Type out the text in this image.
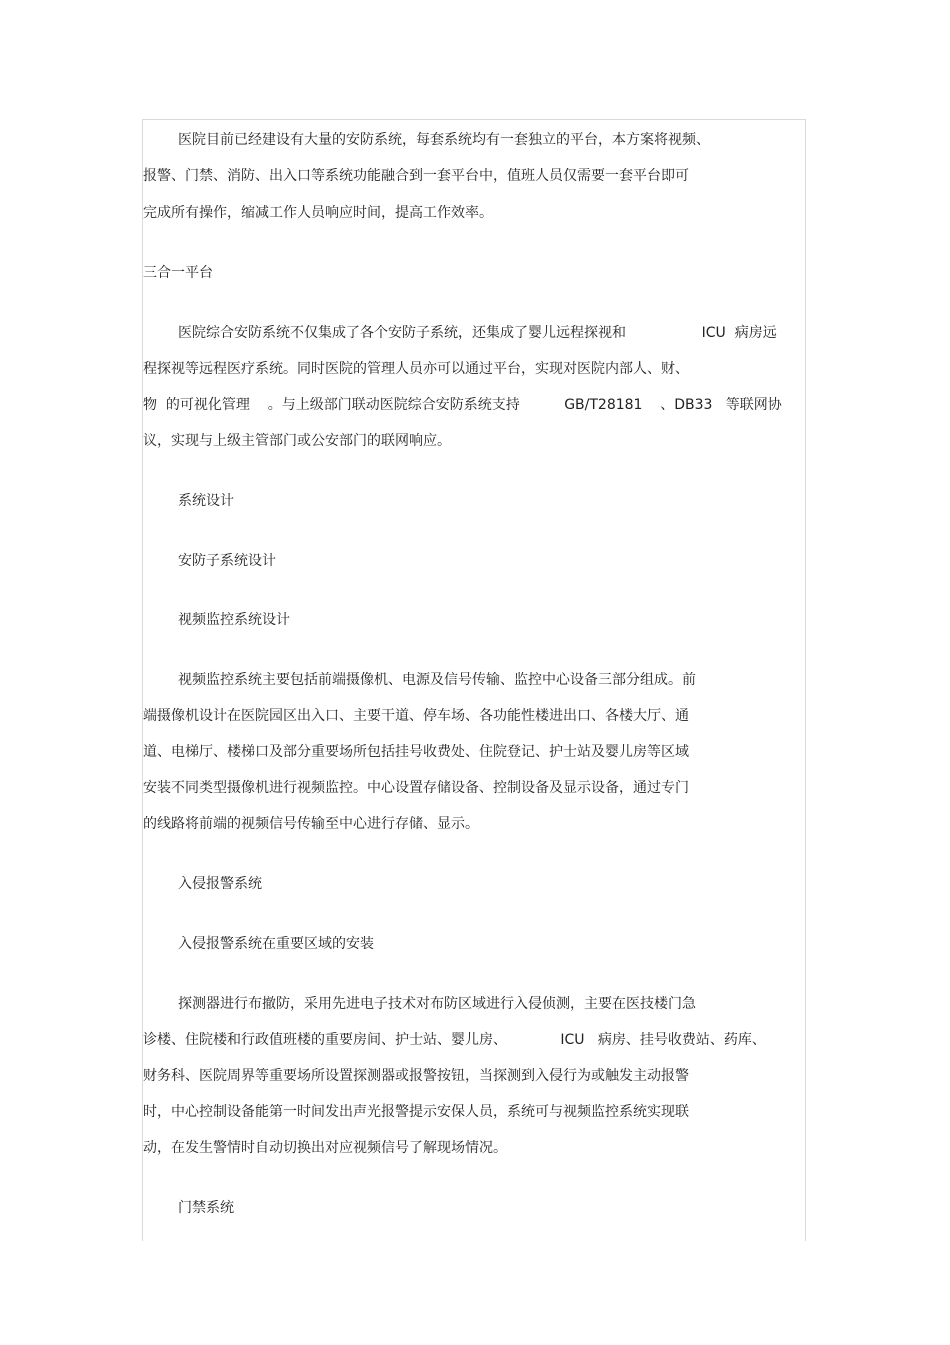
医院目前已经建设有大量的安防系统，每套系统均有一套独立的平台，本方案将视频、
报警、门禁、消防、出入口等系统功能融合到一套平台中，值班人员仅需要一套平台即可
完成所有操作，缩减工作人员响应时间，提高工作效率。
三合一平台
医院综合安防系统不仅集成了各个安防子系统，还集成了婴儿远程探视和                 ICU  病房远
程探视等远程医疗系统。同时医院的管理人员亦可以通过平台，实现对医院内部人、财、
物  的可视化管理    。与上级部门联动医院综合安防系统支持          GB/T28181    、DB33   等联网协
议，实现与上级主管部门或公安部门的联网响应。
系统设计
安防子系统设计
视频监控系统设计
视频监控系统主要包括前端摄像机、电源及信号传输、监控中心设备三部分组成。前
端摄像机设计在医院园区出入口、主要干道、停车场、各功能性楼进出口、各楼大厅、通
道、电梯厅、楼梯口及部分重要场所包括挂号收费处、住院登记、护士站及婴儿房等区域
安装不同类型摄像机进行视频监控。中心设置存储设备、控制设备及显示设备，通过专门
的线路将前端的视频信号传输至中心进行存储、显示。
入侵报警系统
入侵报警系统在重要区域的安装
探测器进行布撤防，采用先进电子技术对布防区域进行入侵侦测，主要在医技楼门急
诊楼、住院楼和行政值班楼的重要房间、护士站、婴儿房、            ICU   病房、挂号收费站、药库、
财务科、医院周界等重要场所设置探测器或报警按钮，当探测到入侵行为或触发主动报警
时，中心控制设备能第一时间发出声光报警提示安保人员，系统可与视频监控系统实现联
动，在发生警情时自动切换出对应视频信号了解现场情况。
门禁系统
